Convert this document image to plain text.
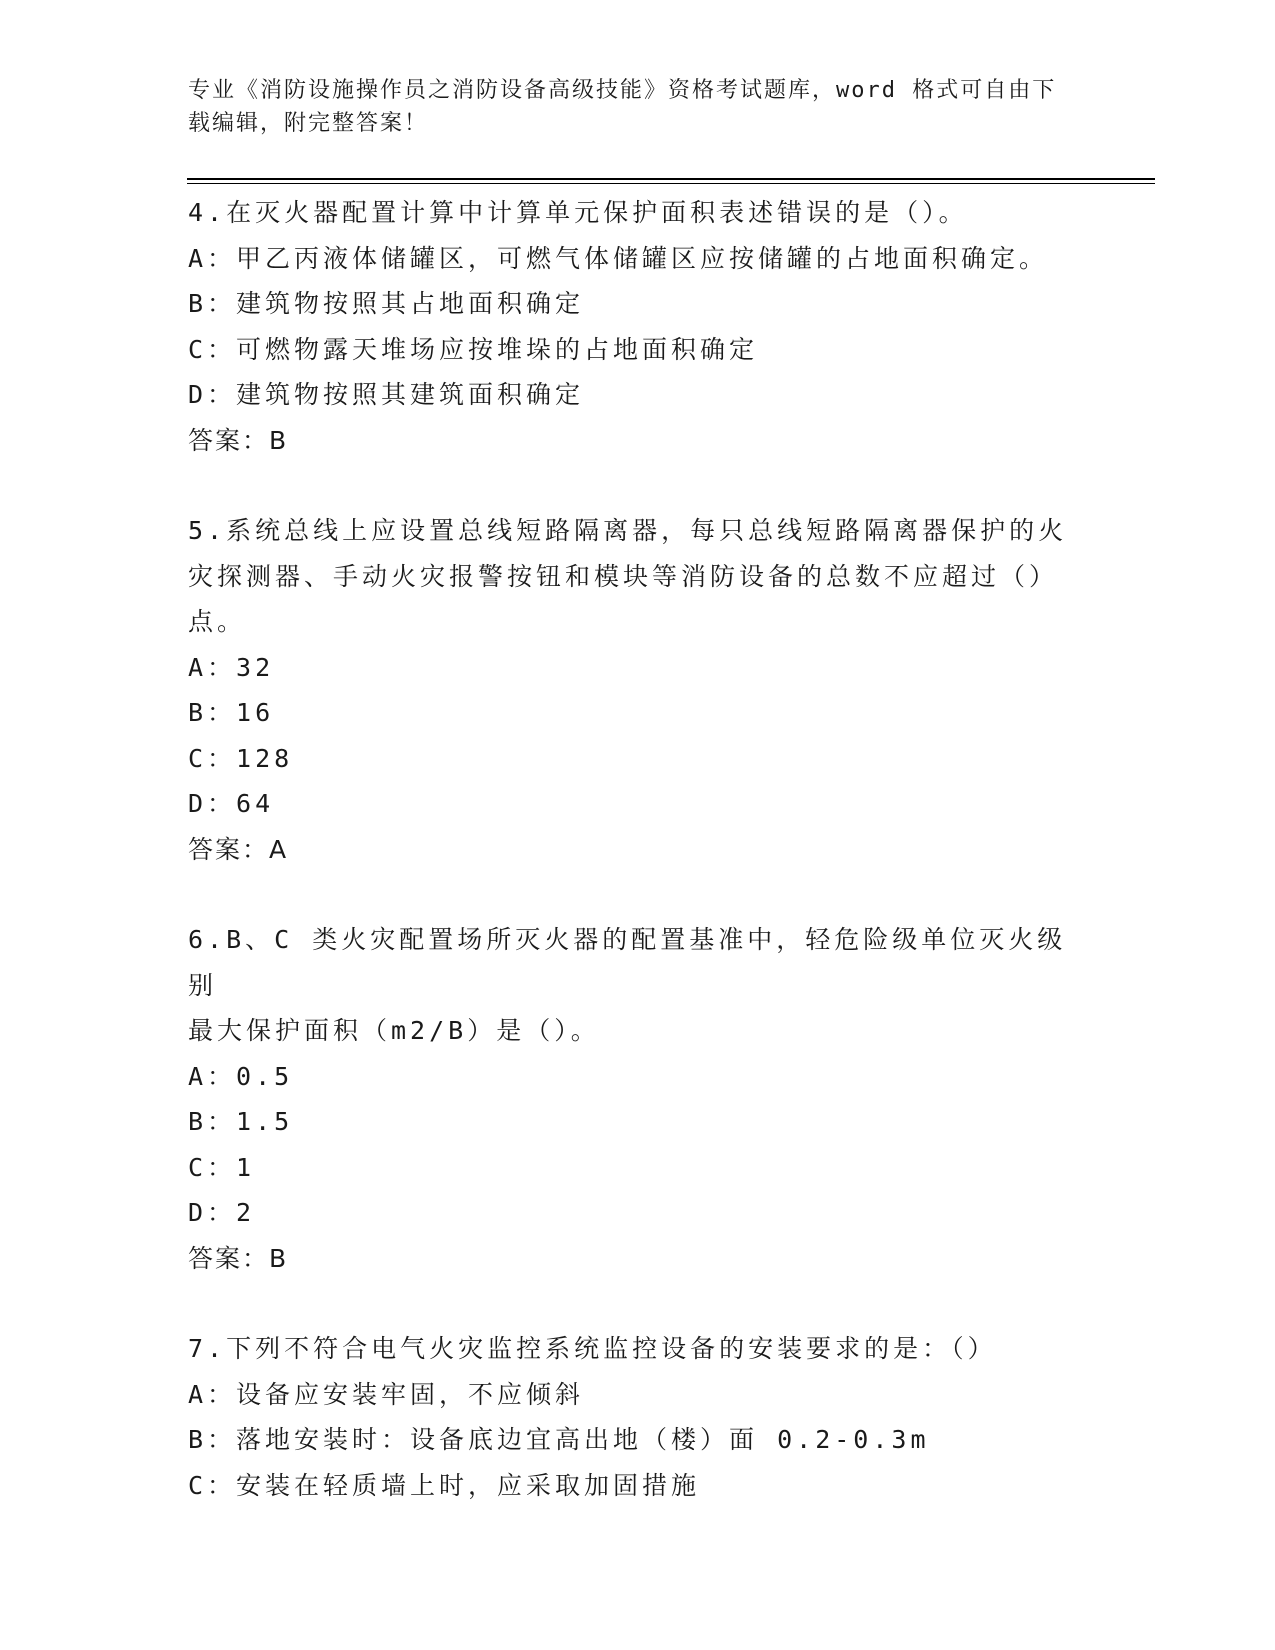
专业《消防设施操作员之消防设备高级技能》资格考试题库，word 格式可自由下
载编辑，附完整答案！

4.在灭火器配置计算中计算单元保护面积表述错误的是（）。

A：甲乙丙液体储罐区，可燃气体储罐区应按储罐的占地面积确定。

B：建筑物按照其占地面积确定

C：可燃物露天堆场应按堆垛的占地面积确定

D：建筑物按照其建筑面积确定

答案：B

5.系统总线上应设置总线短路隔离器，每只总线短路隔离器保护的火

灾探测器、手动火灾报警按钮和模块等消防设备的总数不应超过（）

点。

A：32

B：16

C：128

D：64

答案：A

6.B、C 类火灾配置场所灭火器的配置基准中，轻危险级单位灭火级别

最大保护面积（m2/B）是（）。

A：0.5

B：1.5

C：1

D：2

答案：B

7.下列不符合电气火灾监控系统监控设备的安装要求的是：（）

A：设备应安装牢固，不应倾斜

B：落地安装时：设备底边宜高出地（楼）面 0.2-0.3m

C：安装在轻质墙上时，应采取加固措施
